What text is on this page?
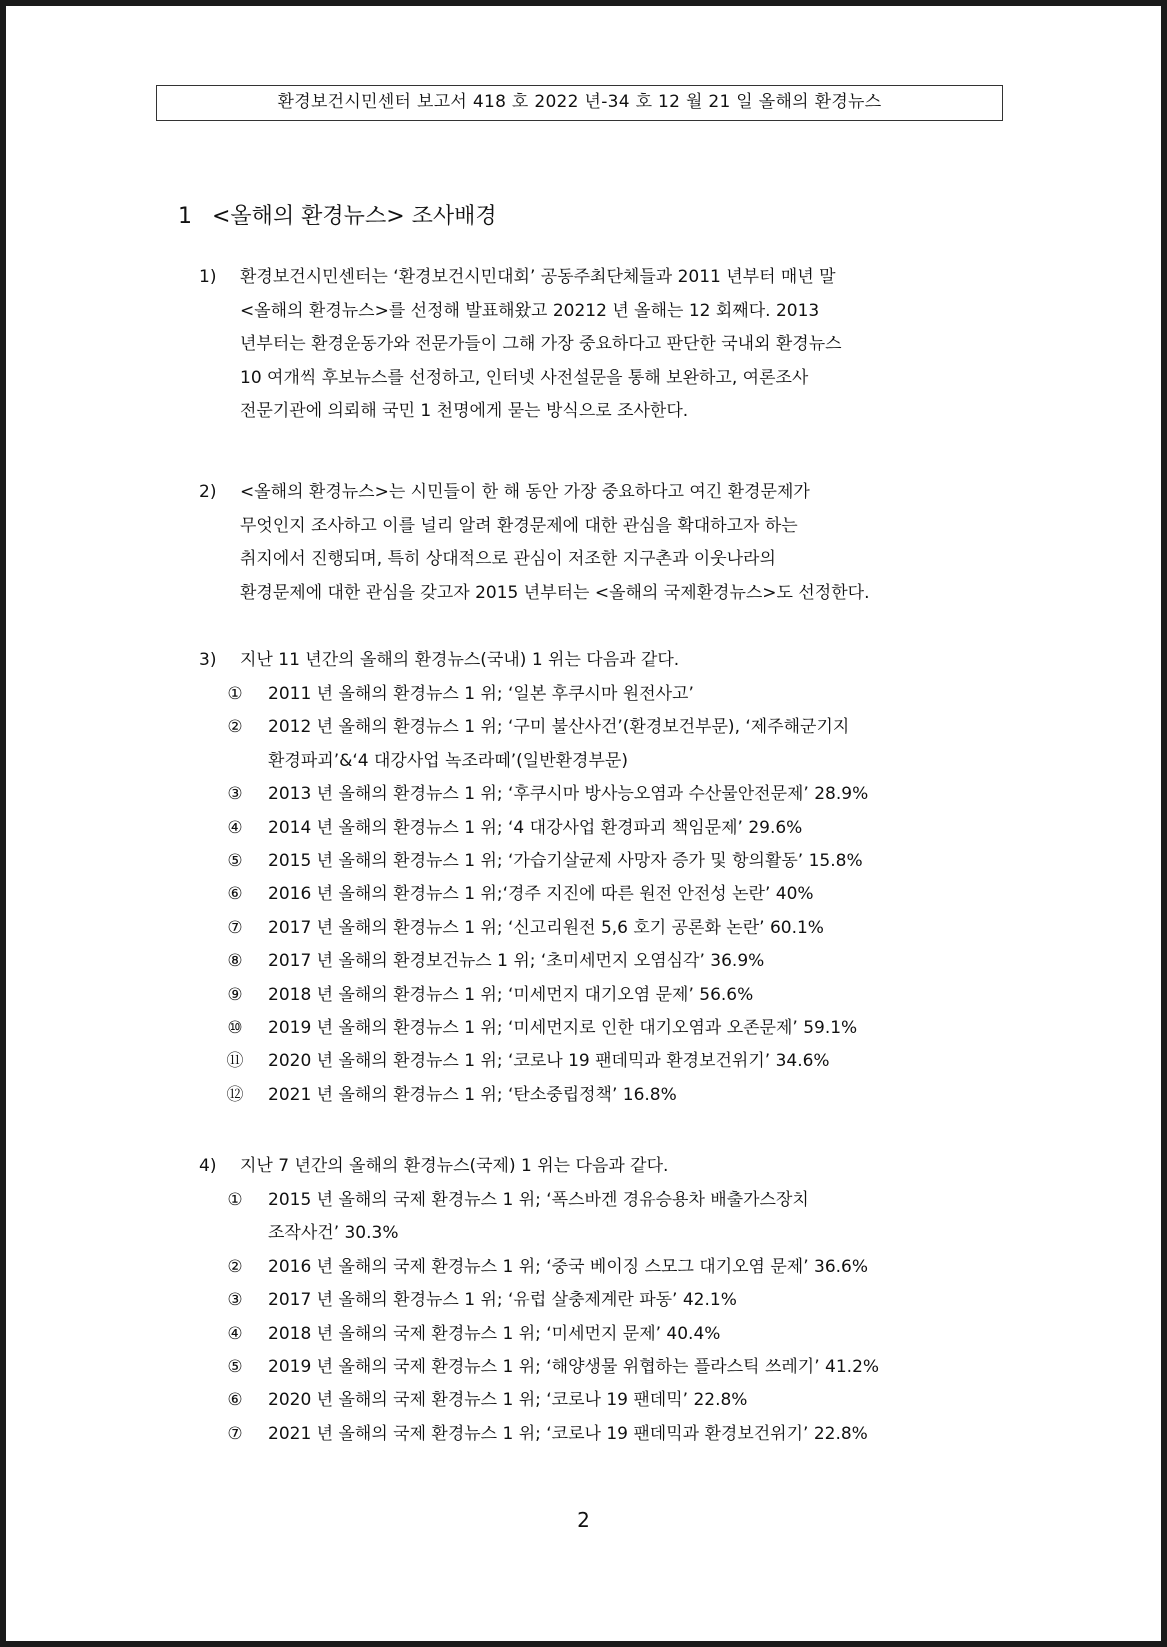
환경보건시민센터 보고서 418 호 2022 년-34 호 12 월 21 일 올해의 환경뉴스
1 <올해의 환경뉴스> 조사배경
1) 환경보건시민센터는 ‘환경보건시민대회’ 공동주최단체들과 2011 년부터 매년 말
<올해의 환경뉴스>를 선정해 발표해왔고 20212 년 올해는 12 회째다. 2013
년부터는 환경운동가와 전문가들이 그해 가장 중요하다고 판단한 국내외 환경뉴스
10 여개씩 후보뉴스를 선정하고, 인터넷 사전설문을 통해 보완하고, 여론조사
전문기관에 의뢰해 국민 1 천명에게 묻는 방식으로 조사한다.
2) <올해의 환경뉴스>는 시민들이 한 해 동안 가장 중요하다고 여긴 환경문제가
무엇인지 조사하고 이를 널리 알려 환경문제에 대한 관심을 확대하고자 하는
취지에서 진행되며, 특히 상대적으로 관심이 저조한 지구촌과 이웃나라의
환경문제에 대한 관심을 갖고자 2015 년부터는 <올해의 국제환경뉴스>도 선정한다.
3) 지난 11 년간의 올해의 환경뉴스(국내) 1 위는 다음과 같다.
① 2011 년 올해의 환경뉴스 1 위; ‘일본 후쿠시마 원전사고’
② 2012 년 올해의 환경뉴스 1 위; ‘구미 불산사건’(환경보건부문), ‘제주해군기지
환경파괴’&‘4 대강사업 녹조라떼’(일반환경부문)
③ 2013 년 올해의 환경뉴스 1 위; ‘후쿠시마 방사능오염과 수산물안전문제’ 28.9%
④ 2014 년 올해의 환경뉴스 1 위; ‘4 대강사업 환경파괴 책임문제’ 29.6%
⑤ 2015 년 올해의 환경뉴스 1 위; ‘가습기살균제 사망자 증가 및 항의활동’ 15.8%
⑥ 2016 년 올해의 환경뉴스 1 위;‘경주 지진에 따른 원전 안전성 논란’ 40%
⑦ 2017 년 올해의 환경뉴스 1 위; ‘신고리원전 5,6 호기 공론화 논란’ 60.1%
⑧ 2017 년 올해의 환경보건뉴스 1 위; ‘초미세먼지 오염심각’ 36.9%
⑨ 2018 년 올해의 환경뉴스 1 위; ‘미세먼지 대기오염 문제’ 56.6%
⑩ 2019 년 올해의 환경뉴스 1 위; ‘미세먼지로 인한 대기오염과 오존문제’ 59.1%
⑪ 2020 년 올해의 환경뉴스 1 위; ‘코로나 19 팬데믹과 환경보건위기’ 34.6%
⑫ 2021 년 올해의 환경뉴스 1 위; ‘탄소중립정책’ 16.8%
4) 지난 7 년간의 올해의 환경뉴스(국제) 1 위는 다음과 같다.
① 2015 년 올해의 국제 환경뉴스 1 위; ‘폭스바겐 경유승용차 배출가스장치
조작사건’ 30.3%
② 2016 년 올해의 국제 환경뉴스 1 위; ‘중국 베이징 스모그 대기오염 문제’ 36.6%
③ 2017 년 올해의 환경뉴스 1 위; ‘유럽 살충제계란 파동’ 42.1%
④ 2018 년 올해의 국제 환경뉴스 1 위; ‘미세먼지 문제’ 40.4%
⑤ 2019 년 올해의 국제 환경뉴스 1 위; ‘해양생물 위협하는 플라스틱 쓰레기’ 41.2%
⑥ 2020 년 올해의 국제 환경뉴스 1 위; ‘코로나 19 팬데믹’ 22.8%
⑦ 2021 년 올해의 국제 환경뉴스 1 위; ‘코로나 19 팬데믹과 환경보건위기’ 22.8%
2
